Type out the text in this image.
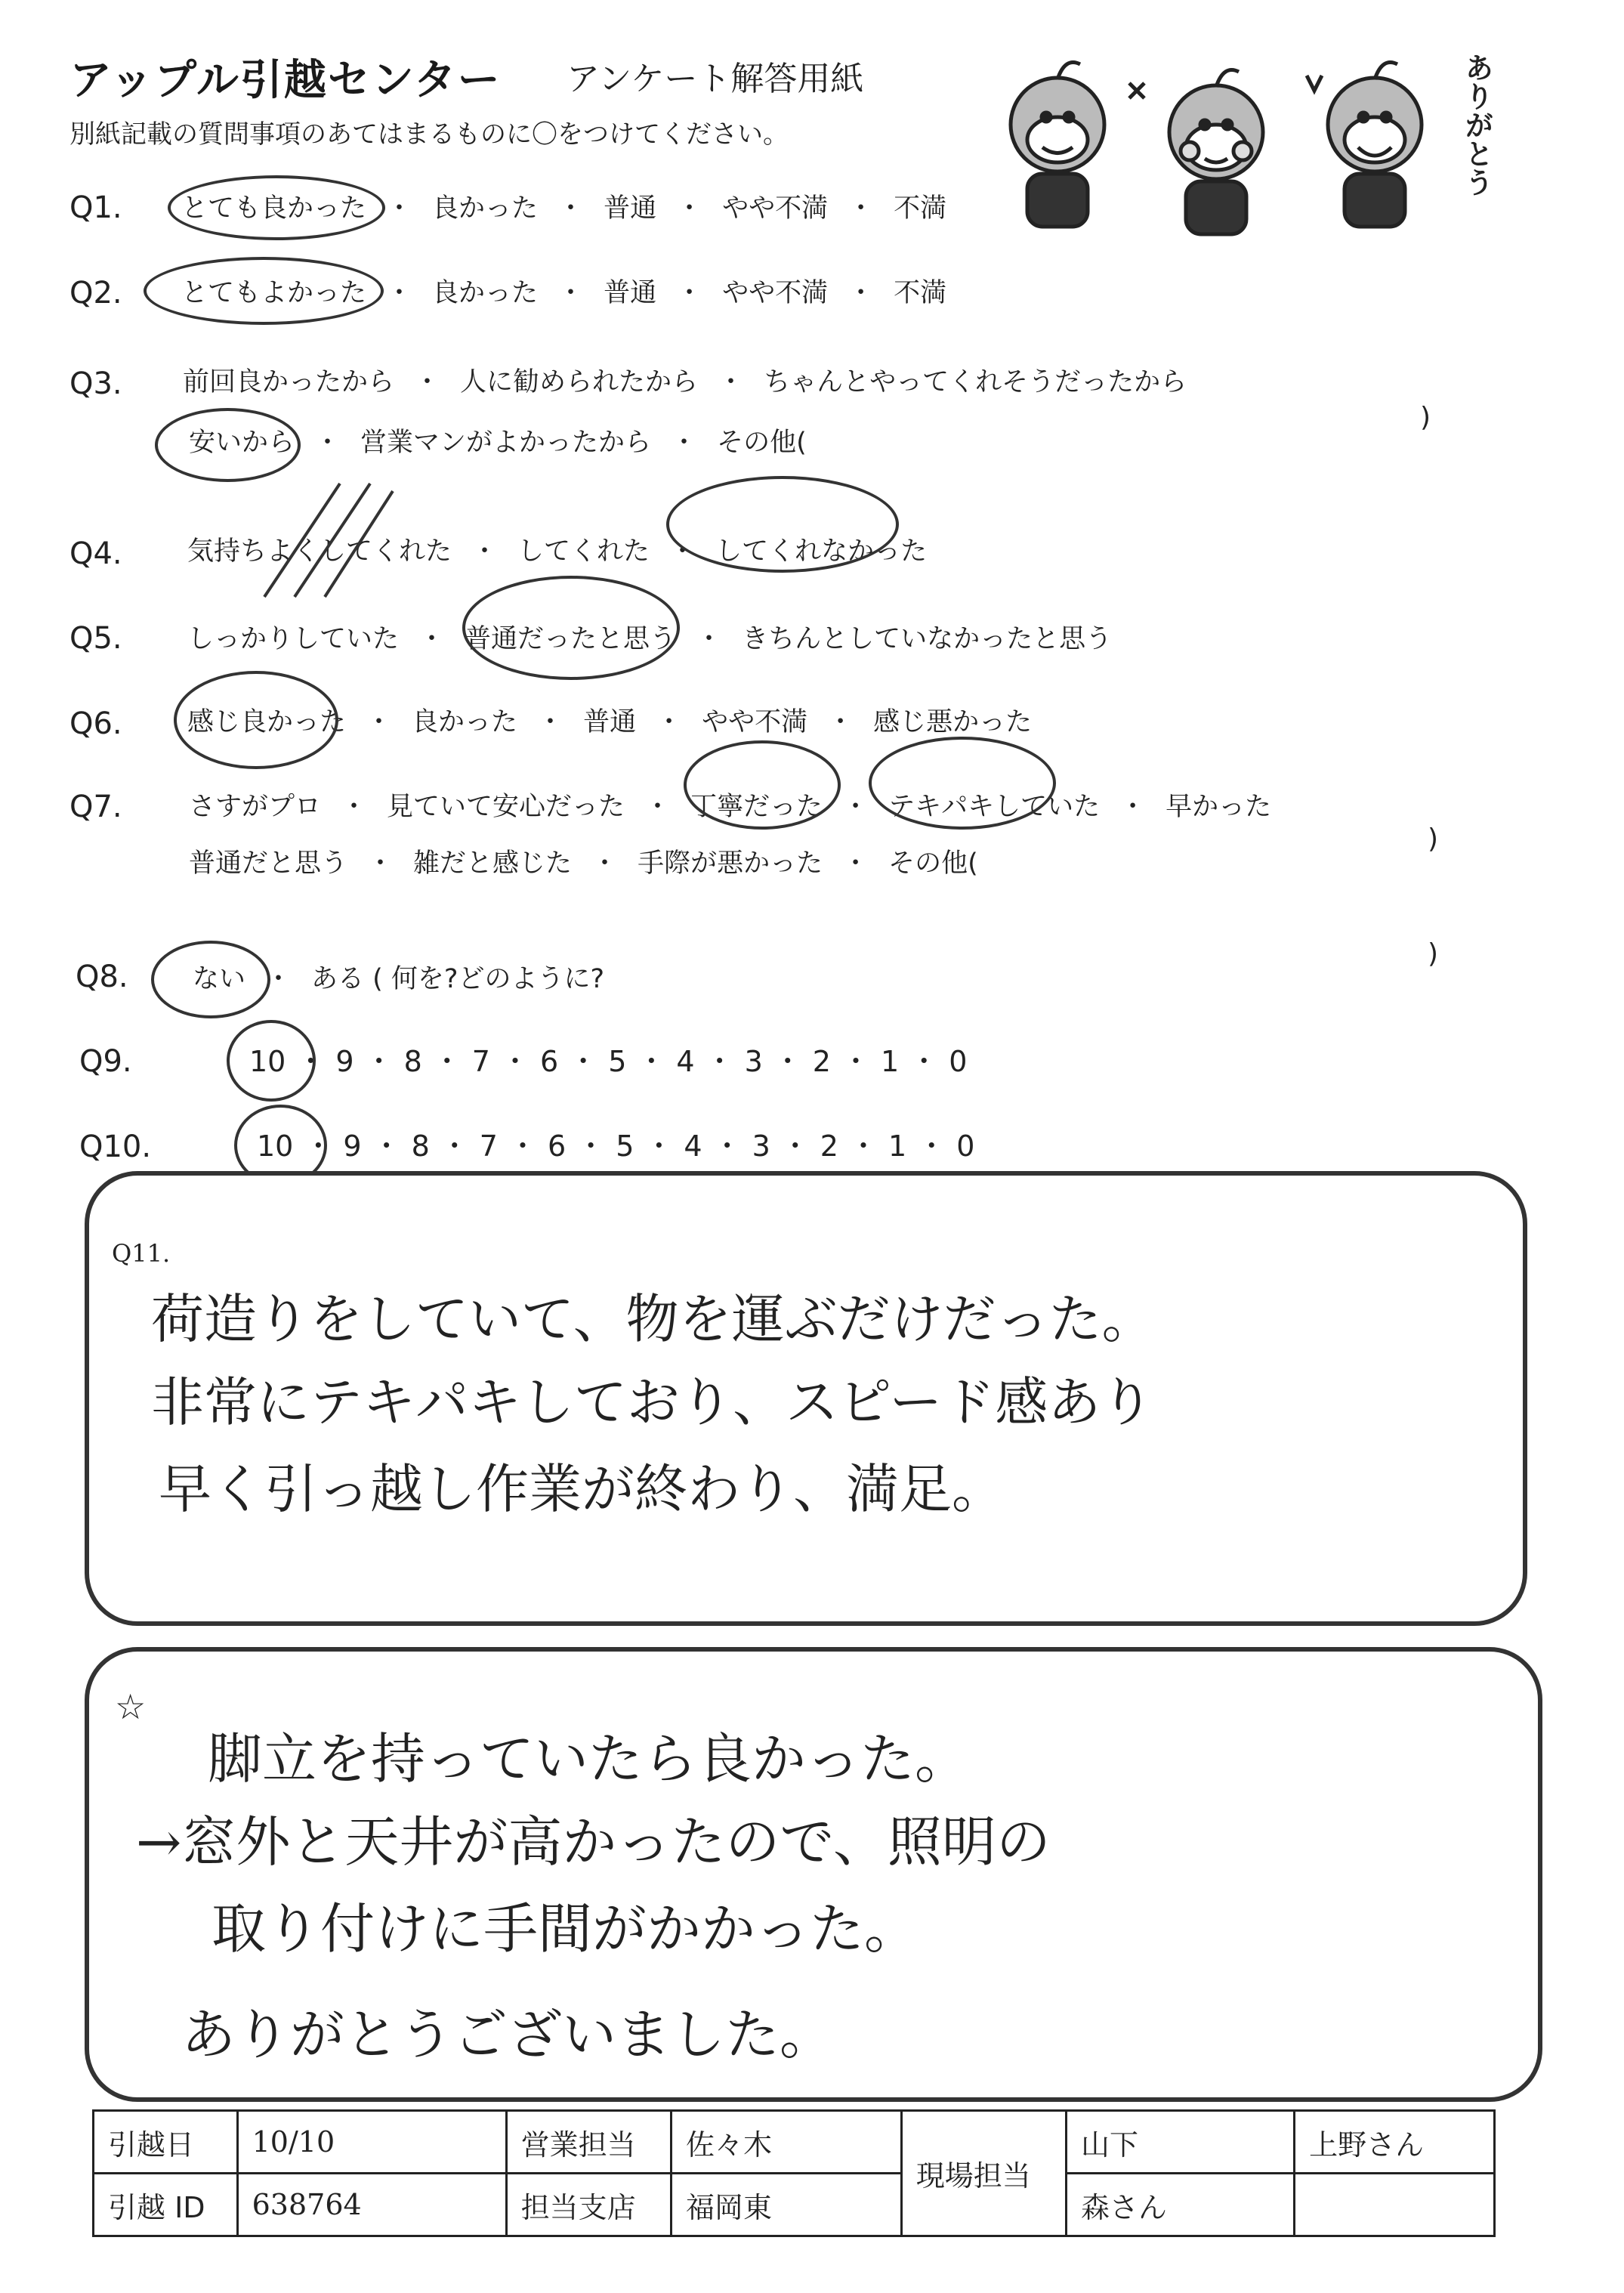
アップル引越センター アンケート解答用紙
別紙記載の質問事項のあてはまるものに〇をつけてください。	ありがとう
Q1. とても良かった ・ 良かった ・ 普通 ・ やや不満 ・ 不満
Q2. とてもよかった ・ 良かった ・ 普通 ・ やや不満 ・ 不満
Q3. 前回良かったから ・ 人に勧められたから ・ ちゃんとやってくれそうだったから
安いから ・ 営業マンがよかったから ・ その他(
)
Q4. 気持ちよくしてくれた ・ してくれた ・ してくれなかった
Q5. しっかりしていた ・ 普通だったと思う ・ きちんとしていなかったと思う
Q6. 感じ良かった ・ 良かった ・ 普通 ・ やや不満 ・ 感じ悪かった
Q7.	さすがプロ ・ 見ていて安心だった ・ 丁寧だった ・ テキパキしていた ・ 早かった
普通だと思う ・ 雑だと感じた ・ 手際が悪かった ・ その他(
)
Q8. ない ・ ある ( 何を?どのように?
)
Q9.	10 ・ 9 ・ 8 ・ 7 ・ 6 ・ 5 ・ 4 ・ 3 ・ 2 ・ 1 ・ 0
Q10.	10 ・ 9 ・ 8 ・ 7 ・ 6 ・ 5 ・ 4 ・ 3 ・ 2 ・ 1 ・ 0
Q11.
荷造りをしていて、物を運ぶだけだった。
非常にテキパキしており、スピード感あり
早く引っ越し作業が終わり、満足。
☆
脚立を持っていたら良かった。
→窓外と天井が高かったので、照明の
取り付けに手間がかかった。
ありがとうございました。
引越日	10/10	営業担当	佐々木	現場担当	山下	上野さん
引越 ID	638764	担当支店	福岡東		森さん	
